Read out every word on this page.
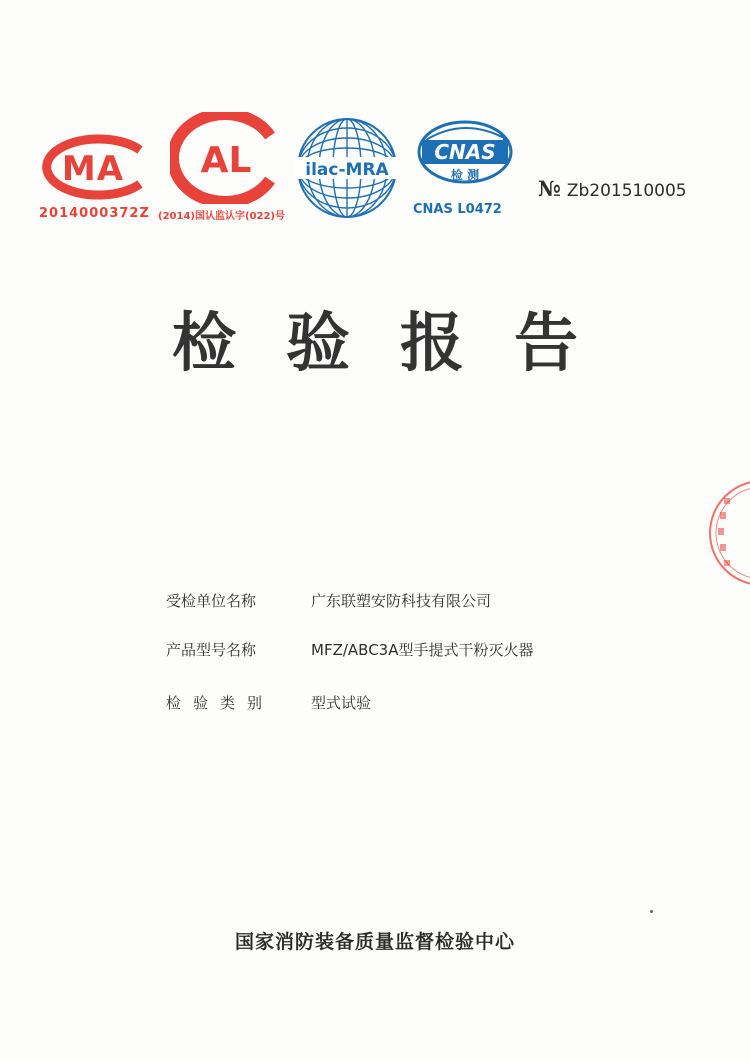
MA
2014000372Z
AL
(2014)国认监认字(022)号
ilac-MRA
CNAS
检 测
CNAS L0472
№ Zb201510005
检验报告
受检单位名称	广东联塑安防科技有限公司
产品型号名称	MFZ/ABC3A型手提式干粉灭火器
检验类别 型式试验
国家消防装备质量监督检验中心
